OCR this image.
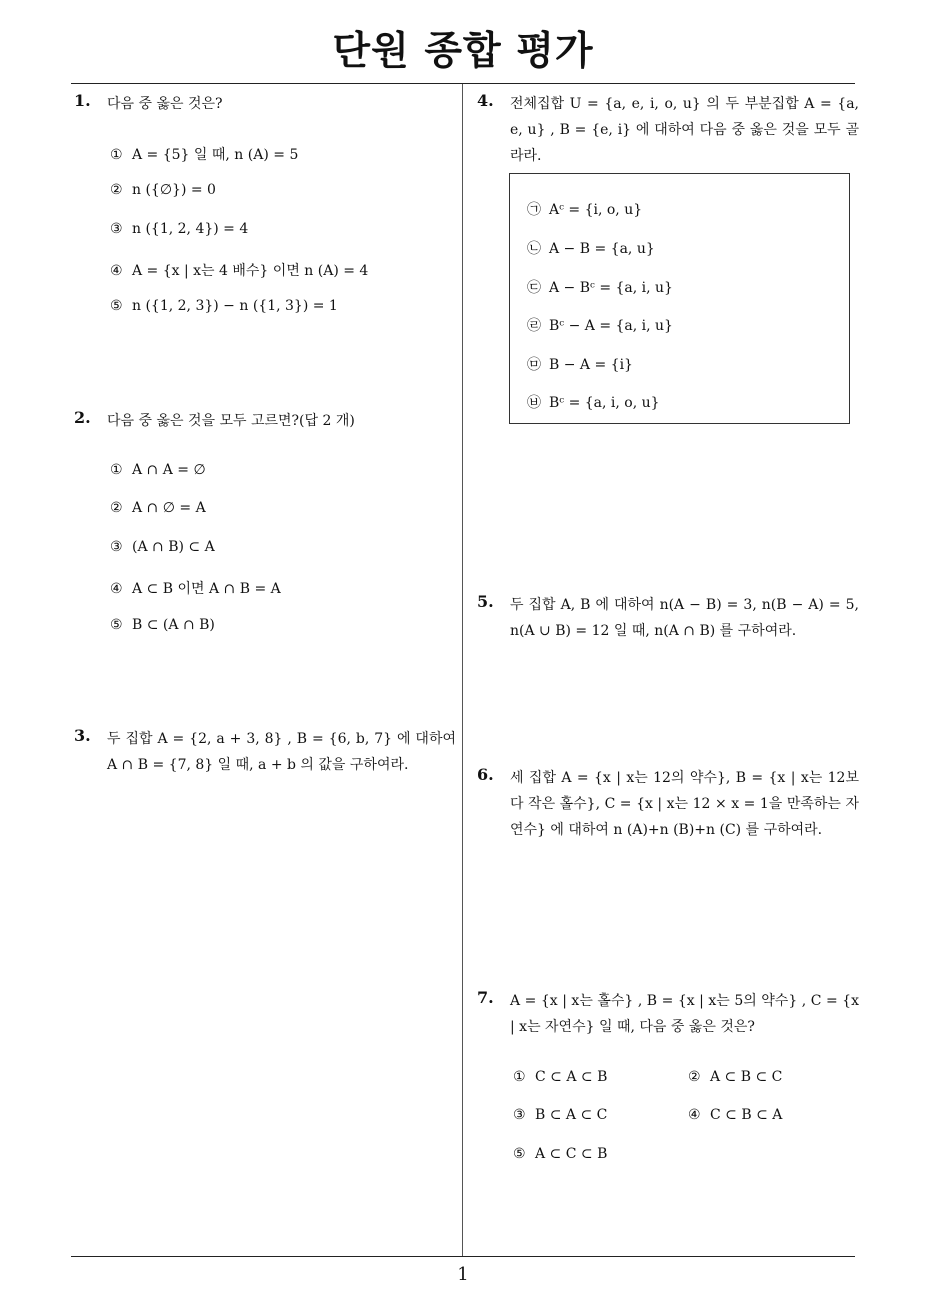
단원 종합 평가
1. 다음 중 옳은 것은?
① A = {5} 일 때, n (A) = 5
② n ({∅}) = 0
③ n ({1, 2, 4}) = 4
④ A = {x | x는 4 배수} 이면 n (A) = 4
⑤ n ({1, 2, 3}) − n ({1, 3}) = 1
2. 다음 중 옳은 것을 모두 고르면?(답 2 개)
① A ∩ A = ∅
② A ∩ ∅ = A
③ (A ∩ B) ⊂ A
④ A ⊂ B 이면 A ∩ B = A
⑤ B ⊂ (A ∩ B)
3. 두 집합 A = {2, a + 3, 8} , B = {6, b, 7} 에 대하여 A ∩ B = {7, 8} 일 때, a + b 의 값을 구하여라.
4. 전체집합 U = {a, e, i, o, u} 의 두 부분집합 A = {a, e, u} , B = {e, i} 에 대하여 다음 중 옳은 것을 모두 골라라.
㉠ Aᶜ = {i, o, u}
㉡ A − B = {a, u}
㉢ A − Bᶜ = {a, i, u}
㉣ Bᶜ − A = {a, i, u}
㉤ B − A = {i}
㉥ Bᶜ = {a, i, o, u}
5. 두 집합 A, B 에 대하여 n(A − B) = 3, n(B − A) = 5, n(A ∪ B) = 12 일 때, n(A ∩ B) 를 구하여라.
6. 세 집합 A = {x | x는 12의 약수}, B = {x | x는 12보다 작은 홀수}, C = {x | x는 12 × x = 1을 만족하는 자연수} 에 대하여 n (A)+n (B)+n (C) 를 구하여라.
7. A = {x | x는 홀수} , B = {x | x는 5의 약수} , C = {x | x는 자연수} 일 때, 다음 중 옳은 것은?
① C ⊂ A ⊂ B	② A ⊂ B ⊂ C
③ B ⊂ A ⊂ C	④ C ⊂ B ⊂ A
⑤ A ⊂ C ⊂ B
1
